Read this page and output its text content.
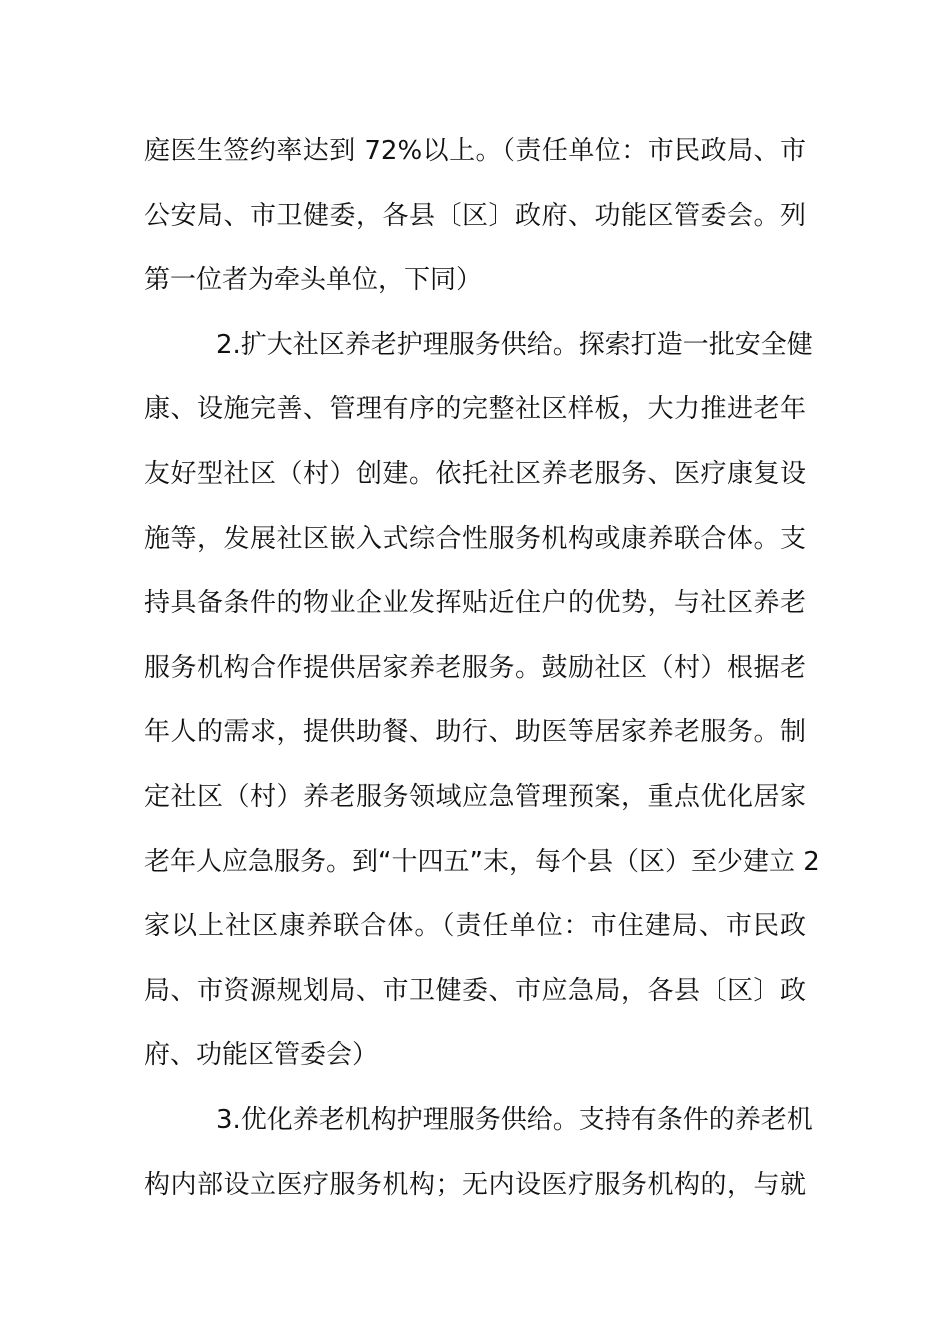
庭医生签约率达到 72%以上。（责任单位：市民政局、市
公安局、市卫健委，各县〔区〕政府、功能区管委会。列
第一位者为牵头单位，下同）
2.扩大社区养老护理服务供给。探索打造一批安全健
康、设施完善、管理有序的完整社区样板，大力推进老年
友好型社区（村）创建。依托社区养老服务、医疗康复设
施等，发展社区嵌入式综合性服务机构或康养联合体。支
持具备条件的物业企业发挥贴近住户的优势，与社区养老
服务机构合作提供居家养老服务。鼓励社区（村）根据老
年人的需求，提供助餐、助行、助医等居家养老服务。制
定社区（村）养老服务领域应急管理预案，重点优化居家
老年人应急服务。到“十四五”末，每个县（区）至少建立 2
家以上社区康养联合体。（责任单位：市住建局、市民政
局、市资源规划局、市卫健委、市应急局，各县〔区〕政
府、功能区管委会）
3.优化养老机构护理服务供给。支持有条件的养老机
构内部设立医疗服务机构；无内设医疗服务机构的，与就
